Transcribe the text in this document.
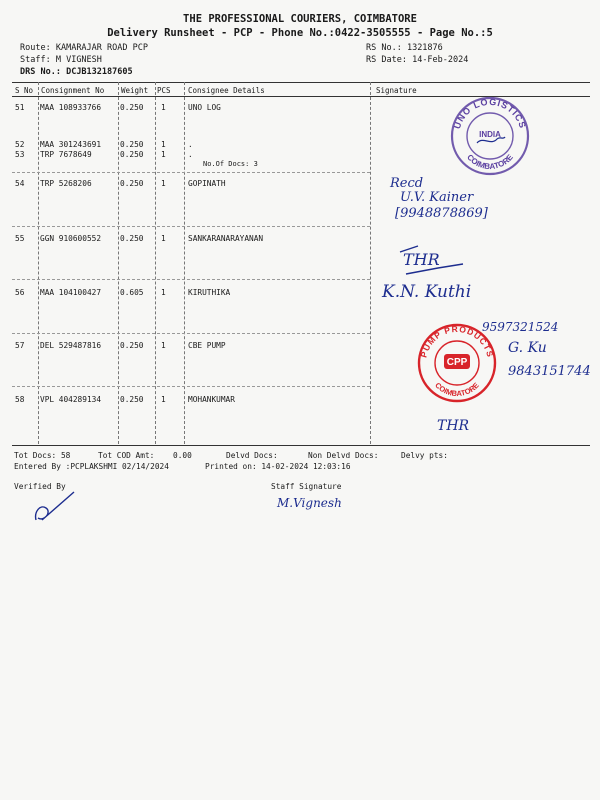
THE PROFESSIONAL COURIERS, COIMBATORE
Delivery Runsheet - PCP - Phone No.:0422-3505555 - Page No.:5
Route: KAMARAJAR ROAD PCP
Staff: M VIGNESH
DRS No.: DCJB132187605
RS No.: 1321876
RS Date: 14-Feb-2024
S No Consignment No Weight PCS Consignee Details	Signature
51 MAA 108933766 0.250 1	UNO LOG
52 MAA 301243691 0.250 1	.
53 TRP 7678649	0.250 1	.
No.Of Docs: 3
54 TRP 5268206	0.250 1	GOPINATH
55 GGN 910600552 0.250 1	SANKARANARAYANAN
56 MAA 104100427 0.605 1	KIRUTHIKA
57 DEL 529487816 0.250 1	CBE PUMP
58 VPL 404289134 0.250 1	MOHANKUMAR
UNO LOGISTICS
COIMBATORE
INDIA
PUMP PRODUCTS
COIMBATORE
CPP
Recd
U.V. Kainer
[9948878869]
THR
K.N. Kuthi
9597321524
G. Ku
9843151744
THR
Tot Docs: 58	Tot COD Amt: 0.00	Delvd Docs:	Non Delvd Docs:	Delvy pts:
Entered By :PCPLAKSHMI 02/14/2024	Printed on: 14-02-2024 12:03:16
Verified By	Staff Signature
M.Vignesh
